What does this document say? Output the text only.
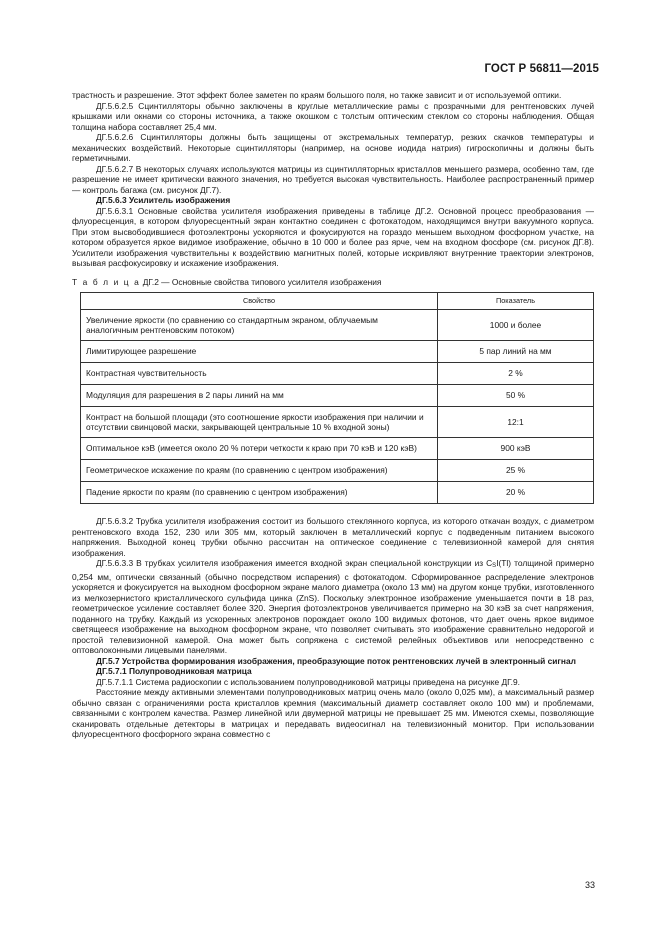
ГОСТ Р 56811—2015

трастность и разрешение. Этот эффект более заметен по краям большого поля, но также зависит и от используемой оптики.

ДГ.5.6.2.5 Сцинтилляторы обычно заключены в круглые металлические рамы с прозрачными для рентгеновских лучей крышками или окнами со стороны источника, а также окошком с толстым оптическим стеклом со стороны наблюдения. Общая толщина набора составляет 25,4 мм.

ДГ.5.6.2.6 Сцинтилляторы должны быть защищены от экстремальных температур, резких скачков температуры и механических воздействий. Некоторые сцинтилляторы (например, на основе иодида натрия) гигроскопичны и должны быть герметичными.

ДГ.5.6.2.7 В некоторых случаях используются матрицы из сцинтилляторных кристаллов меньшего размера, особенно там, где разрешение не имеет критически важного значения, но требуется высокая чувствительность. Наиболее распространенный пример — контроль багажа (см. рисунок ДГ.7).

ДГ.5.6.3 Усилитель изображения

ДГ.5.6.3.1 Основные свойства усилителя изображения приведены в таблице ДГ.2. Основной процесс преобразования — флуоресценция, в котором флуоресцентный экран контактно соединен с фотокатодом, находящимся внутри вакуумного корпуса. При этом высвободившиеся фотоэлектроны ускоряются и фокусируются на гораздо меньшем выходном фосфорном участке, на котором образуется яркое видимое изображение, обычно в 10 000 и более раз ярче, чем на входном фосфоре (см. рисунок ДГ.8). Усилители изображения чувствительны к воздействию магнитных полей, которые искривляют внутренние траектории электронов, вызывая расфокусировку и искажение изображения.

Т а б л и ц а ДГ.2 — Основные свойства типового усилителя изображения

Свойство	Показатель
Увеличение яркости (по сравнению со стандартным экраном, облучаемым аналогичным рентгеновским потоком)	1000 и более
Лимитирующее разрешение	5 пар линий на мм
Контрастная чувствительность	2 %
Модуляция для разрешения в 2 пары линий на мм	50 %
Контраст на большой площади (это соотношение яркости изображения при наличии и отсутствии свинцовой маски, закрывающей центральные 10 % входной зоны)	12:1
Оптимальное кэВ (имеется около 20 % потери четкости к краю при 70 кэВ и 120 кэВ)	900 кэВ
Геометрическое искажение по краям (по сравнению с центром изображения)	25 %
Падение яркости по краям (по сравнению с центром изображения)	20 %

ДГ.5.6.3.2 Трубка усилителя изображения состоит из большого стеклянного корпуса, из которого откачан воздух, с диаметром рентгеновского входа 152, 230 или 305 мм, который заключен в металлический корпус с подведенным питанием высокого напряжения. Выходной конец трубки обычно рассчитан на оптическое соединение с телевизионной камерой для снятия изображения.

ДГ.5.6.3.3 В трубках усилителя изображения имеется входной экран специальной конструкции из CSI(Tl) толщиной примерно 0,254 мм, оптически связанный (обычно посредством испарения) с фотокатодом. Сформированное распределение электронов ускоряется и фокусируется на выходном фосфорном экране малого диаметра (около 13 мм) на другом конце трубки, изготовленного из мелкозернистого кристаллического сульфида цинка (ZnS). Поскольку электронное изображение уменьшается почти в 18 раз, геометрическое усиление составляет более 320. Энергия фотоэлектронов увеличивается примерно на 30 кэВ за счет напряжения, поданного на трубку. Каждый из ускоренных электронов порождает около 100 видимых фотонов, что дает очень яркое видимое светящееся изображение на выходном фосфорном экране, что позволяет считывать это изображение сравнительно недорогой и простой телевизионной камерой. Она может быть сопряжена с системой релейных объективов или непосредственно с оптоволоконными лицевыми панелями.

ДГ.5.7 Устройства формирования изображения, преобразующие поток рентгеновских лучей в электронный сигнал

ДГ.5.7.1 Полупроводниковая матрица

ДГ.5.7.1.1 Система радиоскопии с использованием полупроводниковой матрицы приведена на рисунке ДГ.9.

Расстояние между активными элементами полупроводниковых матриц очень мало (около 0,025 мм), а максимальный размер обычно связан с ограничениями роста кристаллов кремния (максимальный диаметр составляет около 100 мм) и проблемами, связанными с контролем качества. Размер линейной или двумерной матрицы не превышает 25 мм. Имеются схемы, позволяющие сканировать отдельные детекторы в матрицах и передавать видеосигнал на телевизионный монитор. При использовании флуоресцентного фосфорного экрана совместно с

33
